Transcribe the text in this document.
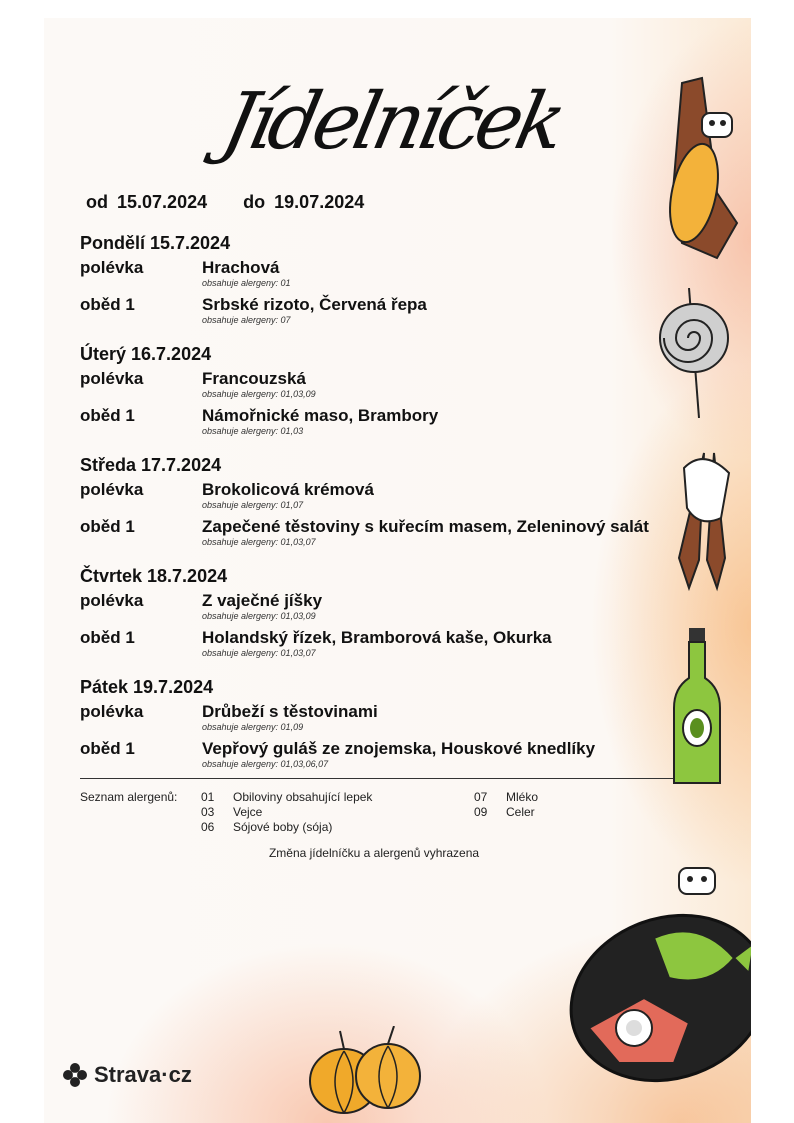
Jídelníček
od 15.07.2024 do 19.07.2024
Pondělí 15.7.2024
polévka	Hrachová
obsahuje alergeny: 01
oběd 1	Srbské rizoto, Červená řepa
obsahuje alergeny: 07
Úterý 16.7.2024
polévka	Francouzská
obsahuje alergeny: 01,03,09
oběd 1	Námořnické maso, Brambory
obsahuje alergeny: 01,03
Středa 17.7.2024
polévka	Brokolicová krémová
obsahuje alergeny: 01,07
oběd 1	Zapečené těstoviny s kuřecím masem, Zeleninový salát
obsahuje alergeny: 01,03,07
Čtvrtek 18.7.2024
polévka	Z vaječné jíšky
obsahuje alergeny: 01,03,09
oběd 1	Holandský řízek, Bramborová kaše, Okurka
obsahuje alergeny: 01,03,07
Pátek 19.7.2024
polévka	Drůbeží s těstovinami
obsahuje alergeny: 01,09
oběd 1	Vepřový guláš ze znojemska, Houskové knedlíky
obsahuje alergeny: 01,03,06,07
Seznam alergenů: 01 Obiloviny obsahující lepek
03 Vejce
06 Sójové boby (sója)
07 Mléko
09 Celer
Změna jídelníčku a alergenů vyhrazena
Strava·cz
